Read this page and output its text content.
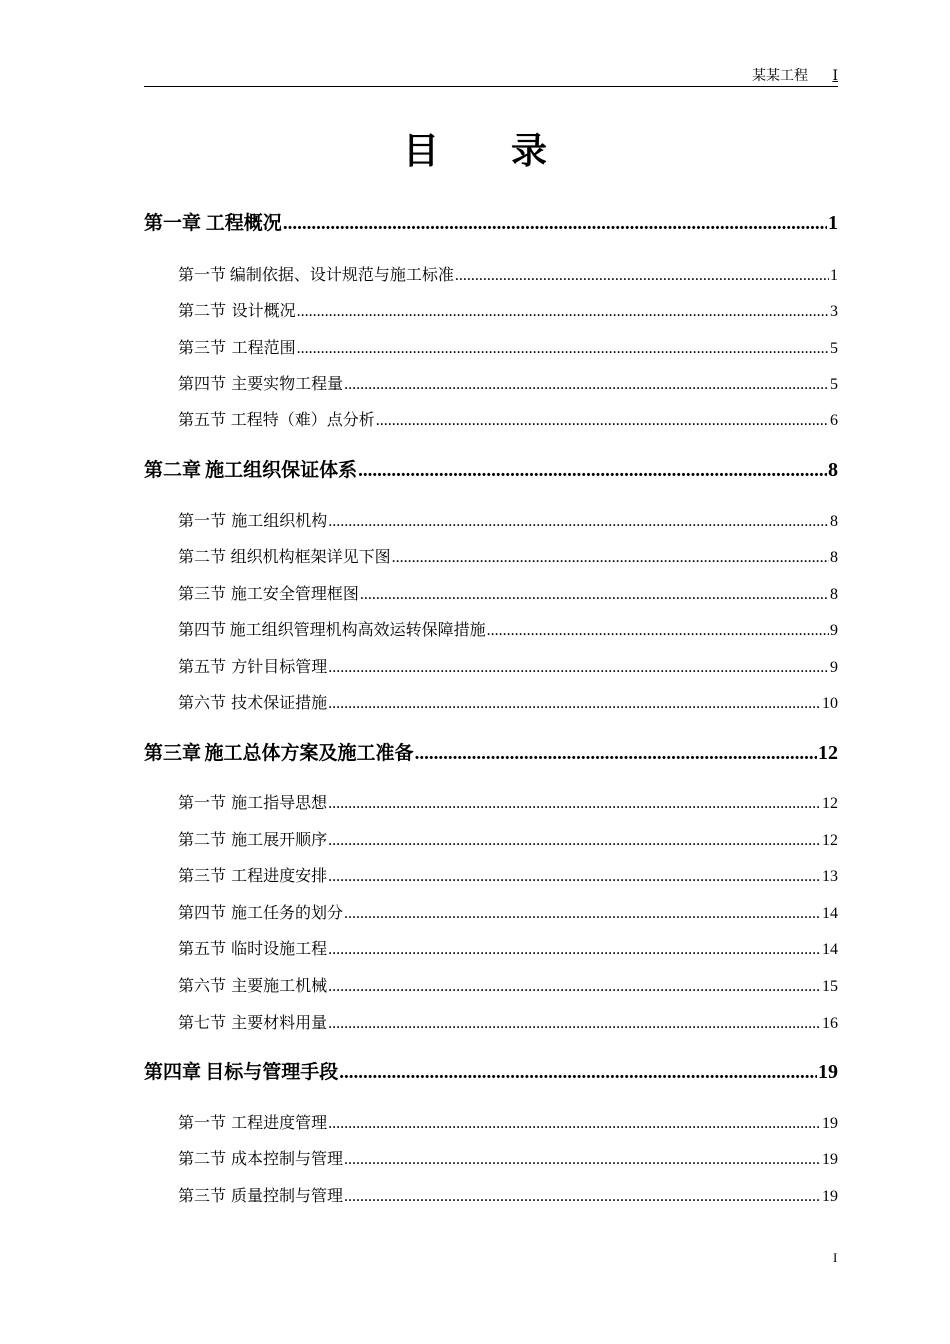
某某工程 I
目录
第一章 工程概况 .....	1
第一节 编制依据、设计规范与施工标准 .....	1
第二节 设计概况 .....	3
第三节 工程范围 .....	5
第四节 主要实物工程量 .....	5
第五节 工程特（难）点分析 .....	6
第二章 施工组织保证体系 .....	8
第一节 施工组织机构 .....	8
第二节 组织机构框架详见下图 .....	8
第三节 施工安全管理框图 .....	8
第四节 施工组织管理机构高效运转保障措施 .....	9
第五节 方针目标管理 .....	9
第六节 技术保证措施 .....	10
第三章 施工总体方案及施工准备 .....	12
第一节 施工指导思想 .....	12
第二节 施工展开顺序 .....	12
第三节 工程进度安排 .....	13
第四节 施工任务的划分 .....	14
第五节 临时设施工程 .....	14
第六节 主要施工机械 .....	15
第七节 主要材料用量 .....	16
第四章 目标与管理手段 .....	19
第一节 工程进度管理 .....	19
第二节 成本控制与管理 .....	19
第三节 质量控制与管理 .....	19
I
